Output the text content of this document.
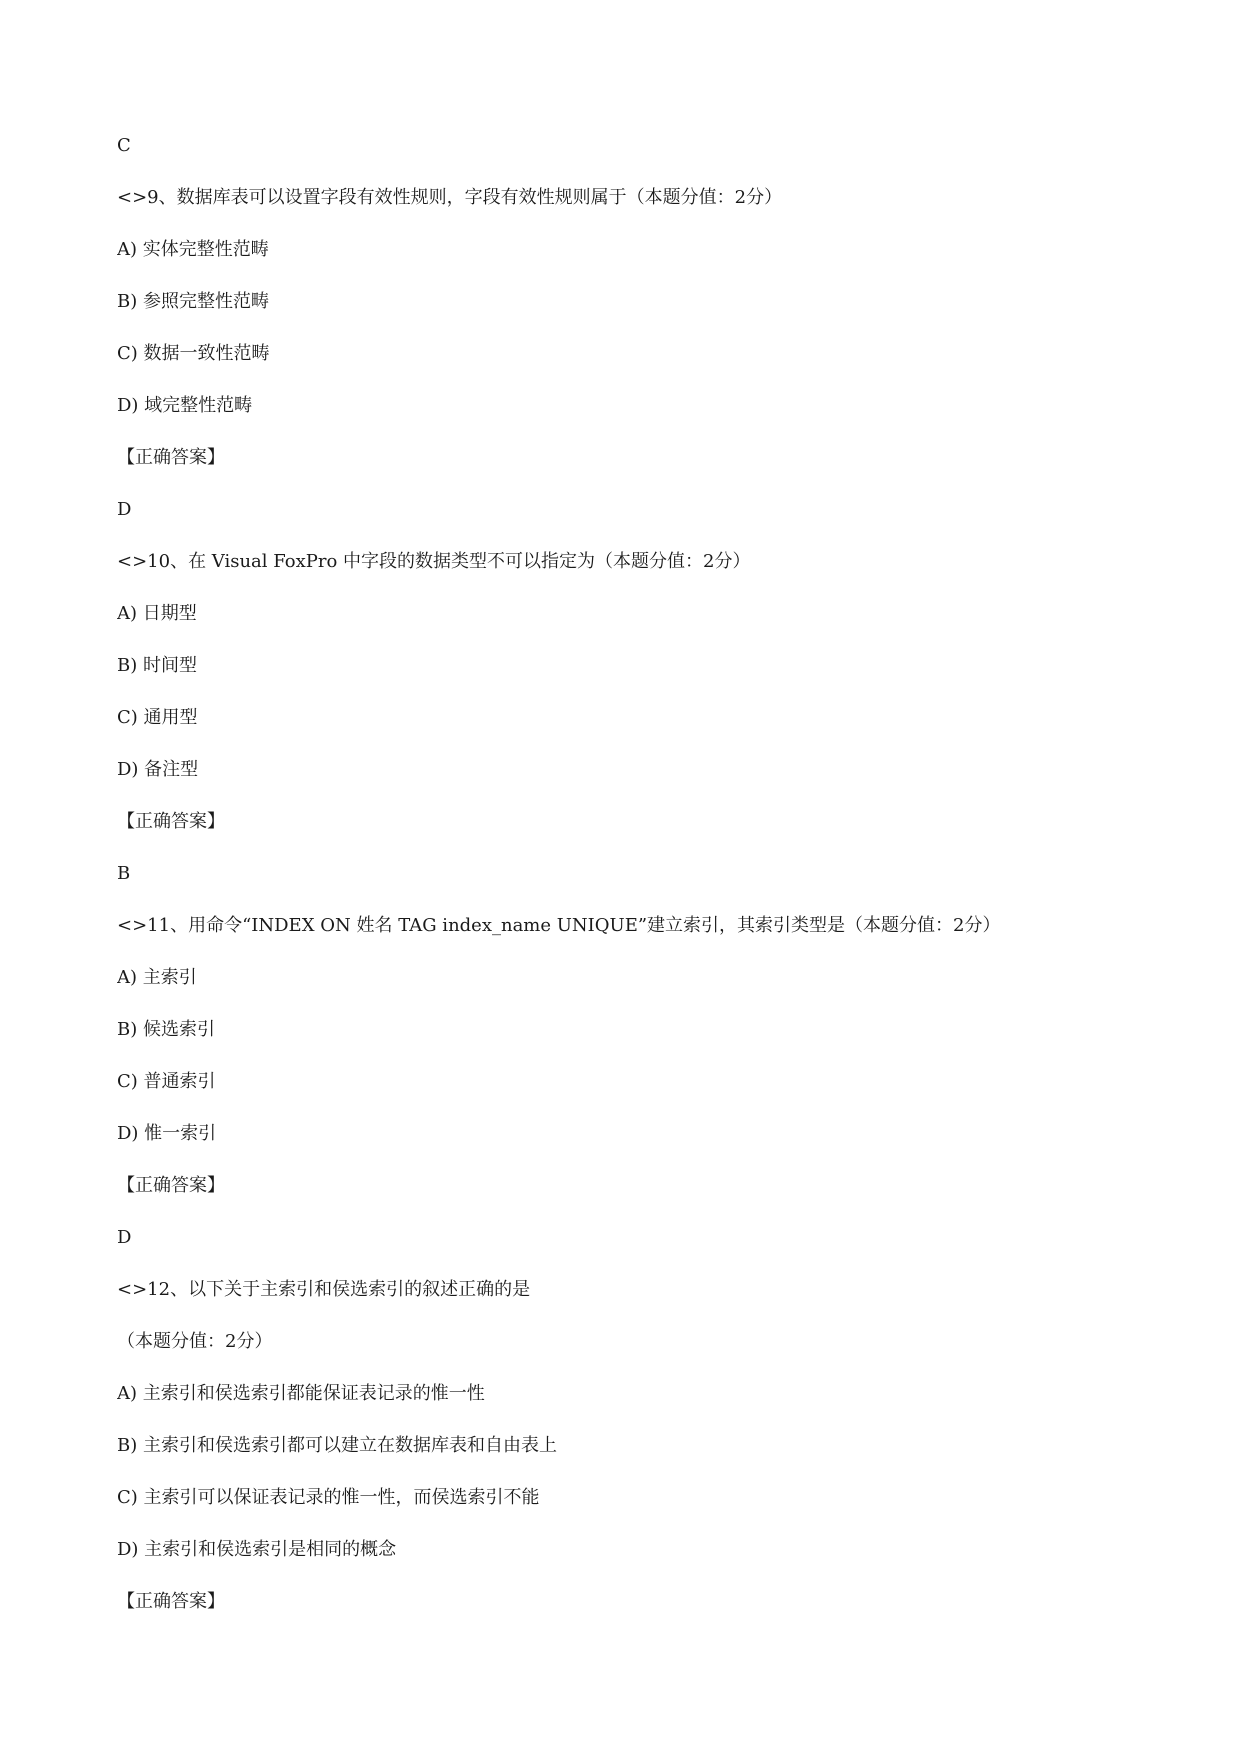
C
<>9、数据库表可以设置字段有效性规则，字段有效性规则属于（本题分值：2分）
A) 实体完整性范畴
B) 参照完整性范畴
C) 数据一致性范畴
D) 域完整性范畴
【正确答案】
D
<>10、在 Visual FoxPro 中字段的数据类型不可以指定为（本题分值：2分）
A) 日期型
B) 时间型
C) 通用型
D) 备注型
【正确答案】
B
<>11、用命令“INDEX ON 姓名 TAG index_name UNIQUE”建立索引，其索引类型是（本题分值：2分）
A) 主索引
B) 候选索引
C) 普通索引
D) 惟一索引
【正确答案】
D
<>12、以下关于主索引和侯选索引的叙述正确的是
（本题分值：2分）
A) 主索引和侯选索引都能保证表记录的惟一性
B) 主索引和侯选索引都可以建立在数据库表和自由表上
C) 主索引可以保证表记录的惟一性，而侯选索引不能
D) 主索引和侯选索引是相同的概念
【正确答案】
